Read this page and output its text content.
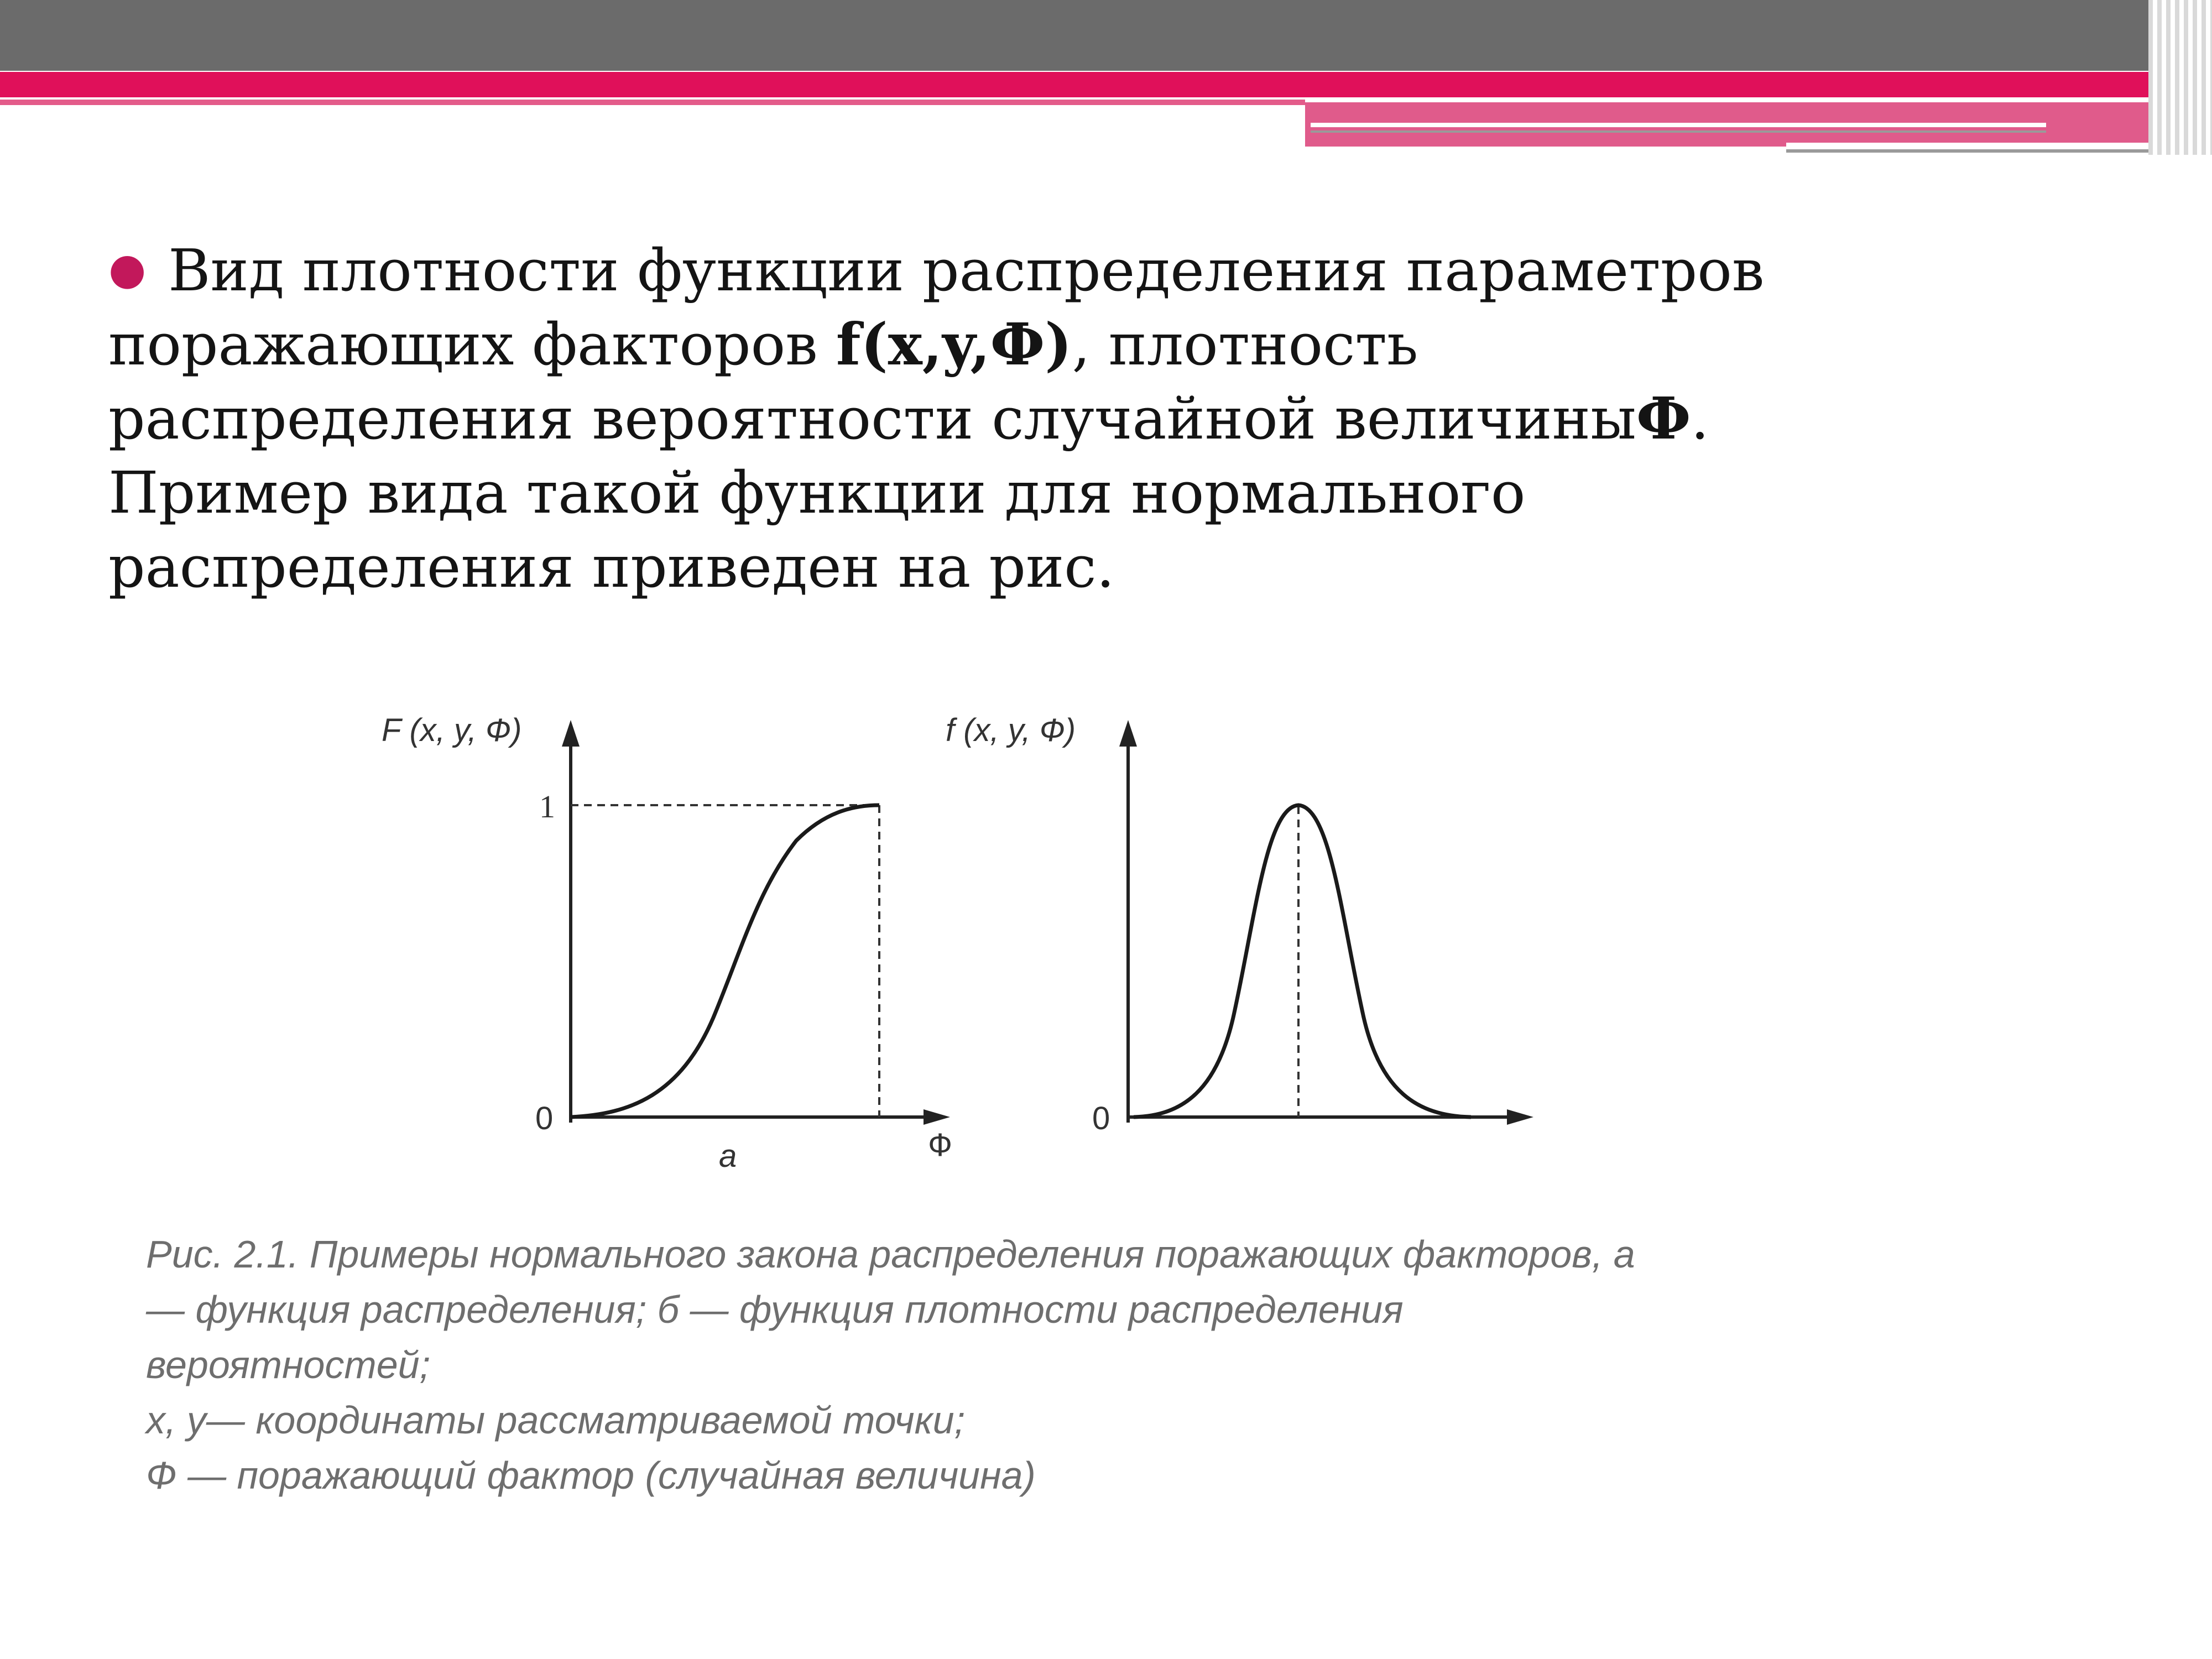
● Вид плотности функции распределения параметров
поражающих факторов f(x,y,Ф), плотность
распределения вероятности случайной величиныФ.
Пример вида такой функции для нормального
распределения приведен на рис.
F (x, y, Ф)
1
0
Ф
а
f (x, y, Ф)
0
Рис. 2.1. Примеры нормального закона распределения поражающих факторов, а
— функция распределения; б — функция плотности распределения
вероятностей;
х, у— координаты рассматриваемой точки;
Ф — поражающий фактор (случайная величина)
